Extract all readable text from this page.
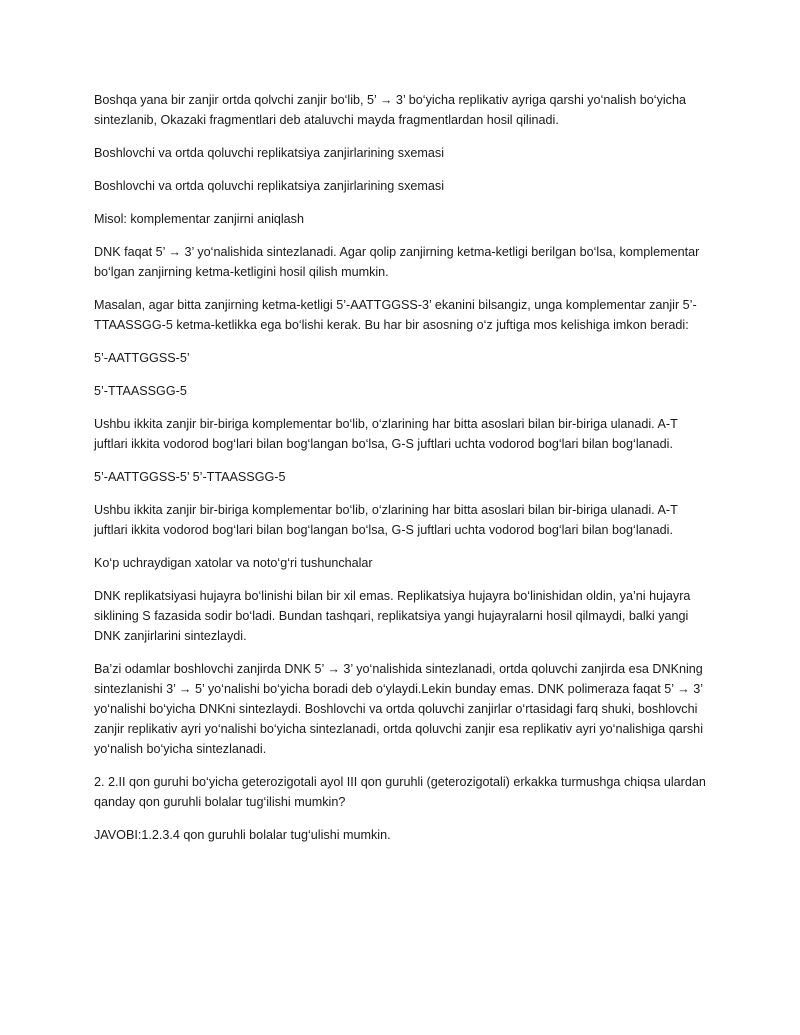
Boshqa yana bir zanjir ortda qolvchi zanjir bo‘lib, 5’ → 3’ bo‘yicha replikativ ayriga qarshi yo‘nalish bo‘yicha sintezlanib, Okazaki fragmentlari deb ataluvchi mayda fragmentlardan hosil qilinadi.

Boshlovchi va ortda qoluvchi replikatsiya zanjirlarining sxemasi

Boshlovchi va ortda qoluvchi replikatsiya zanjirlarining sxemasi

Misol: komplementar zanjirni aniqlash

DNK faqat 5’ → 3’ yo‘nalishida sintezlanadi. Agar qolip zanjirning ketma-ketligi berilgan bo‘lsa, komplementar bo‘lgan zanjirning ketma-ketligini hosil qilish mumkin.

Masalan, agar bitta zanjirning ketma-ketligi 5’-AATTGGSS-3’ ekanini bilsangiz, unga komplementar zanjir 5’-TTAASSGG-5 ketma-ketlikka ega bo‘lishi kerak. Bu har bir asosning o‘z juftiga mos kelishiga imkon beradi:

5’-AATTGGSS-5’

5’-TTAASSGG-5

Ushbu ikkita zanjir bir-biriga komplementar bo‘lib, o‘zlarining har bitta asoslari bilan bir-biriga ulanadi. A-T juftlari ikkita vodorod bog‘lari bilan bog‘langan bo‘lsa, G-S juftlari uchta vodorod bog‘lari bilan bog‘lanadi.

5’-AATTGGSS-5’ 5’-TTAASSGG-5

Ushbu ikkita zanjir bir-biriga komplementar bo‘lib, o‘zlarining har bitta asoslari bilan bir-biriga ulanadi. A-T juftlari ikkita vodorod bog‘lari bilan bog‘langan bo‘lsa, G-S juftlari uchta vodorod bog‘lari bilan bog‘lanadi.

Ko‘p uchraydigan xatolar va noto‘g‘ri tushunchalar

DNK replikatsiyasi hujayra bo‘linishi bilan bir xil emas. Replikatsiya hujayra bo‘linishidan oldin, ya’ni hujayra siklining S fazasida sodir bo‘ladi. Bundan tashqari, replikatsiya yangi hujayralarni hosil qilmaydi, balki yangi DNK zanjirlarini sintezlaydi.

Ba’zi odamlar boshlovchi zanjirda DNK 5’ → 3’ yo‘nalishida sintezlanadi, ortda qoluvchi zanjirda esa DNKning sintezlanishi 3’ → 5’ yo‘nalishi bo‘yicha boradi deb o‘ylaydi.Lekin bunday emas. DNK polimeraza faqat 5’ → 3’ yo‘nalishi bo‘yicha DNKni sintezlaydi. Boshlovchi va ortda qoluvchi zanjirlar o‘rtasidagi farq shuki, boshlovchi zanjir replikativ ayri yo‘nalishi bo‘yicha sintezlanadi, ortda qoluvchi zanjir esa replikativ ayri yo‘nalishiga qarshi yo‘nalish bo‘yicha sintezlanadi.

2. 2.II qon guruhi bo‘yicha geterozigotali ayol III qon guruhli (geterozigotali) erkakka turmushga chiqsa ulardan qanday qon guruhli bolalar tug‘ilishi mumkin?

JAVOBI:1.2.3.4 qon guruhli bolalar tug‘ulishi mumkin.
